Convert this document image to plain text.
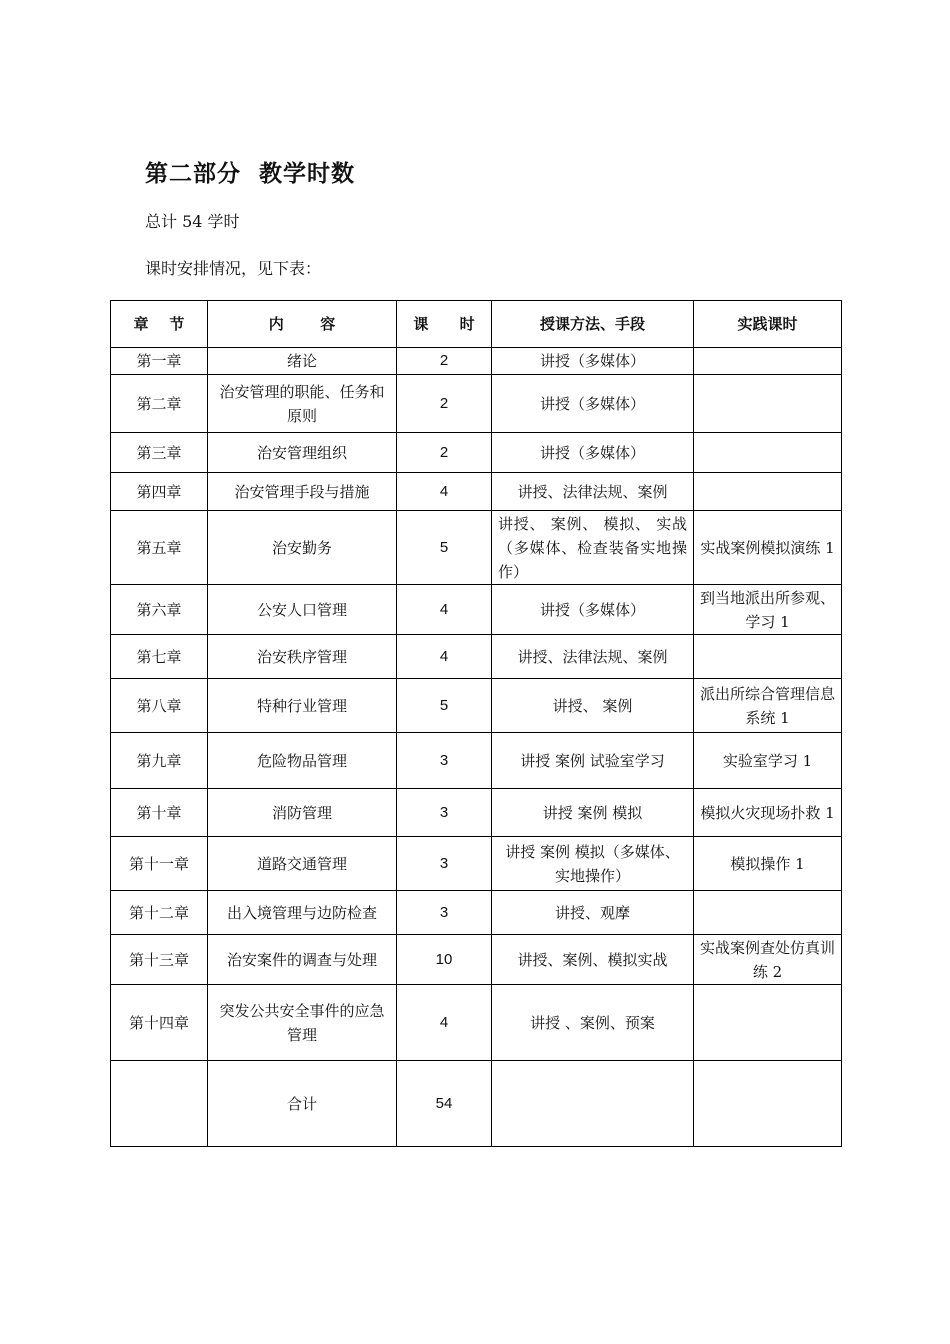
第二部分  教学时数
总计 54 学时
课时安排情况，见下表：
章    节	内       容	课      时	授课方法、手段	实践课时
第一章	绪论	2	讲授（多媒体）	
第二章	治安管理的职能、任务和原则	2	讲授（多媒体）	
第三章	治安管理组织	2	讲授（多媒体）	
第四章	治安管理手段与措施	4	讲授、法律法规、案例	
第五章	治安勤务	5	讲授、 案例、 模拟、 实战 （多媒体、检查装备实地操作）	实战案例模拟演练 1
第六章	公安人口管理	4	讲授（多媒体）	到当地派出所参观、学习 1
第七章	治安秩序管理	4	讲授、法律法规、案例	
第八章	特种行业管理	5	讲授、 案例	派出所综合管理信息系统 1
第九章	危险物品管理	3	讲授 案例 试验室学习	实验室学习 1
第十章	消防管理	3	讲授 案例 模拟	模拟火灾现场扑救 1
第十一章	道路交通管理	3	讲授 案例 模拟（多媒体、实地操作）	模拟操作 1
第十二章	出入境管理与边防检查	3	讲授、观摩	
第十三章	治安案件的调查与处理	10	讲授、案例、模拟实战	实战案例查处仿真训练 2
第十四章	突发公共安全事件的应急管理	4	讲授 、案例、预案	
	合计	54		
